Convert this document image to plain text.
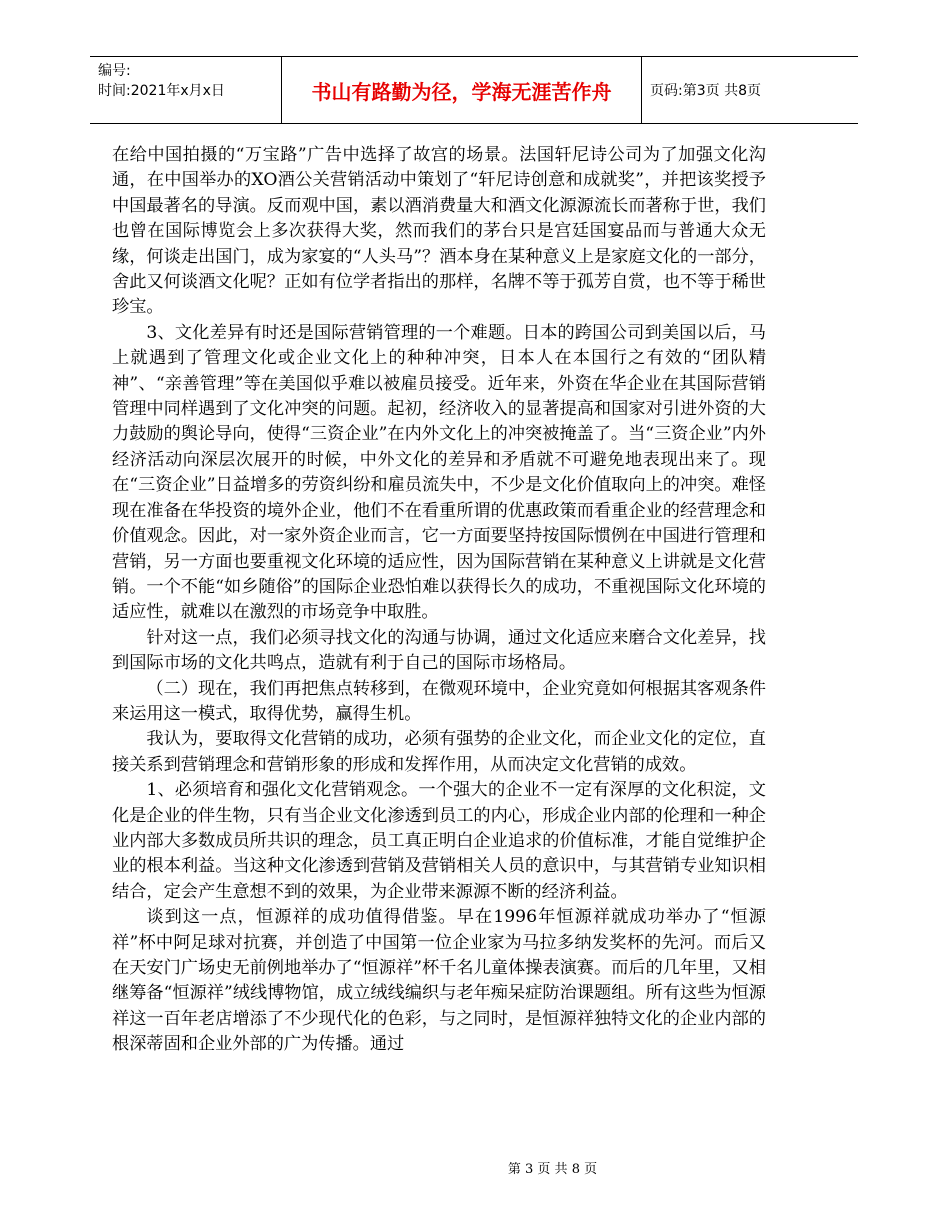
编号:
时间:2021年x月x日	书山有路勤为径，学海无涯苦作舟	页码:第3页 共8页

在给中国拍摄的“万宝路”广告中选择了故宫的场景。法国轩尼诗公司为了加强文化沟通，在中国举办的XO酒公关营销活动中策划了“轩尼诗创意和成就奖”，并把该奖授予中国最著名的导演。反而观中国，素以酒消费量大和酒文化源源流长而著称于世，我们也曾在国际博览会上多次获得大奖，然而我们的茅台只是宫廷国宴品而与普通大众无缘，何谈走出国门，成为家宴的“人头马”？酒本身在某种意义上是家庭文化的一部分，舍此又何谈酒文化呢？正如有位学者指出的那样，名牌不等于孤芳自赏，也不等于稀世珍宝。

3、文化差异有时还是国际营销管理的一个难题。日本的跨国公司到美国以后，马上就遇到了管理文化或企业文化上的种种冲突，日本人在本国行之有效的“团队精神”、“亲善管理”等在美国似乎难以被雇员接受。近年来，外资在华企业在其国际营销管理中同样遇到了文化冲突的问题。起初，经济收入的显著提高和国家对引进外资的大力鼓励的舆论导向，使得“三资企业”在内外文化上的冲突被掩盖了。当“三资企业”内外经济活动向深层次展开的时候，中外文化的差异和矛盾就不可避免地表现出来了。现在“三资企业”日益增多的劳资纠纷和雇员流失中，不少是文化价值取向上的冲突。难怪现在准备在华投资的境外企业，他们不在看重所谓的优惠政策而看重企业的经营理念和价值观念。因此，对一家外资企业而言，它一方面要坚持按国际惯例在中国进行管理和营销，另一方面也要重视文化环境的适应性，因为国际营销在某种意义上讲就是文化营销。一个不能“如乡随俗”的国际企业恐怕难以获得长久的成功，不重视国际文化环境的适应性，就难以在激烈的市场竞争中取胜。

针对这一点，我们必须寻找文化的沟通与协调，通过文化适应来磨合文化差异，找到国际市场的文化共鸣点，造就有利于自己的国际市场格局。

（二）现在，我们再把焦点转移到，在微观环境中，企业究竟如何根据其客观条件来运用这一模式，取得优势，赢得生机。

我认为，要取得文化营销的成功，必须有强势的企业文化，而企业文化的定位，直接关系到营销理念和营销形象的形成和发挥作用，从而决定文化营销的成效。

1、必须培育和强化文化营销观念。一个强大的企业不一定有深厚的文化积淀，文化是企业的伴生物，只有当企业文化渗透到员工的内心，形成企业内部的伦理和一种企业内部大多数成员所共识的理念，员工真正明白企业追求的价值标准，才能自觉维护企业的根本利益。当这种文化渗透到营销及营销相关人员的意识中，与其营销专业知识相结合，定会产生意想不到的效果，为企业带来源源不断的经济利益。

谈到这一点，恒源祥的成功值得借鉴。早在1996年恒源祥就成功举办了“恒源祥”杯中阿足球对抗赛，并创造了中国第一位企业家为马拉多纳发奖杯的先河。而后又在天安门广场史无前例地举办了“恒源祥”杯千名儿童体操表演赛。而后的几年里，又相继筹备“恒源祥”绒线博物馆，成立绒线编织与老年痴呆症防治课题组。所有这些为恒源祥这一百年老店增添了不少现代化的色彩，与之同时，是恒源祥独特文化的企业内部的根深蒂固和企业外部的广为传播。通过

第 3 页 共 8 页
